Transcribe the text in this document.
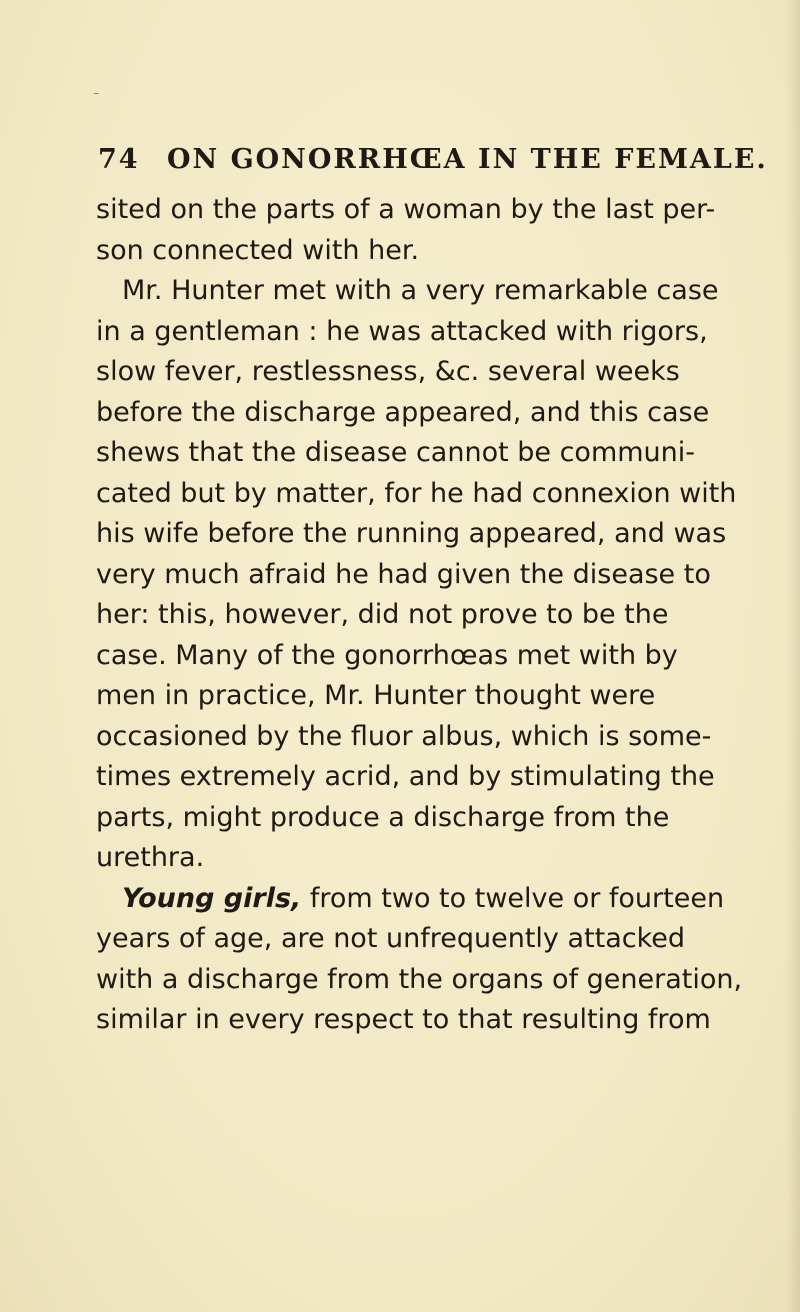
⁻
74 ON GONORRHŒA IN THE FEMALE.
sited on the parts of a woman by the last per-
son connected with her.
Mr. Hunter met with a very remarkable case
in a gentleman : he was attacked with rigors,
slow fever, restlessness, &c. several weeks
before the discharge appeared, and this case
shews that the disease cannot be communi-
cated but by matter, for he had connexion with
his wife before the running appeared, and was
very much afraid he had given the disease to
her: this, however, did not prove to be the
case. Many of the gonorrhœas met with by
men in practice, Mr. Hunter thought were
occasioned by the fluor albus, which is some-
times extremely acrid, and by stimulating the
parts, might produce a discharge from the
urethra.
Young girls, from two to twelve or fourteen
years of age, are not unfrequently attacked
with a discharge from the organs of generation,
similar in every respect to that resulting from
